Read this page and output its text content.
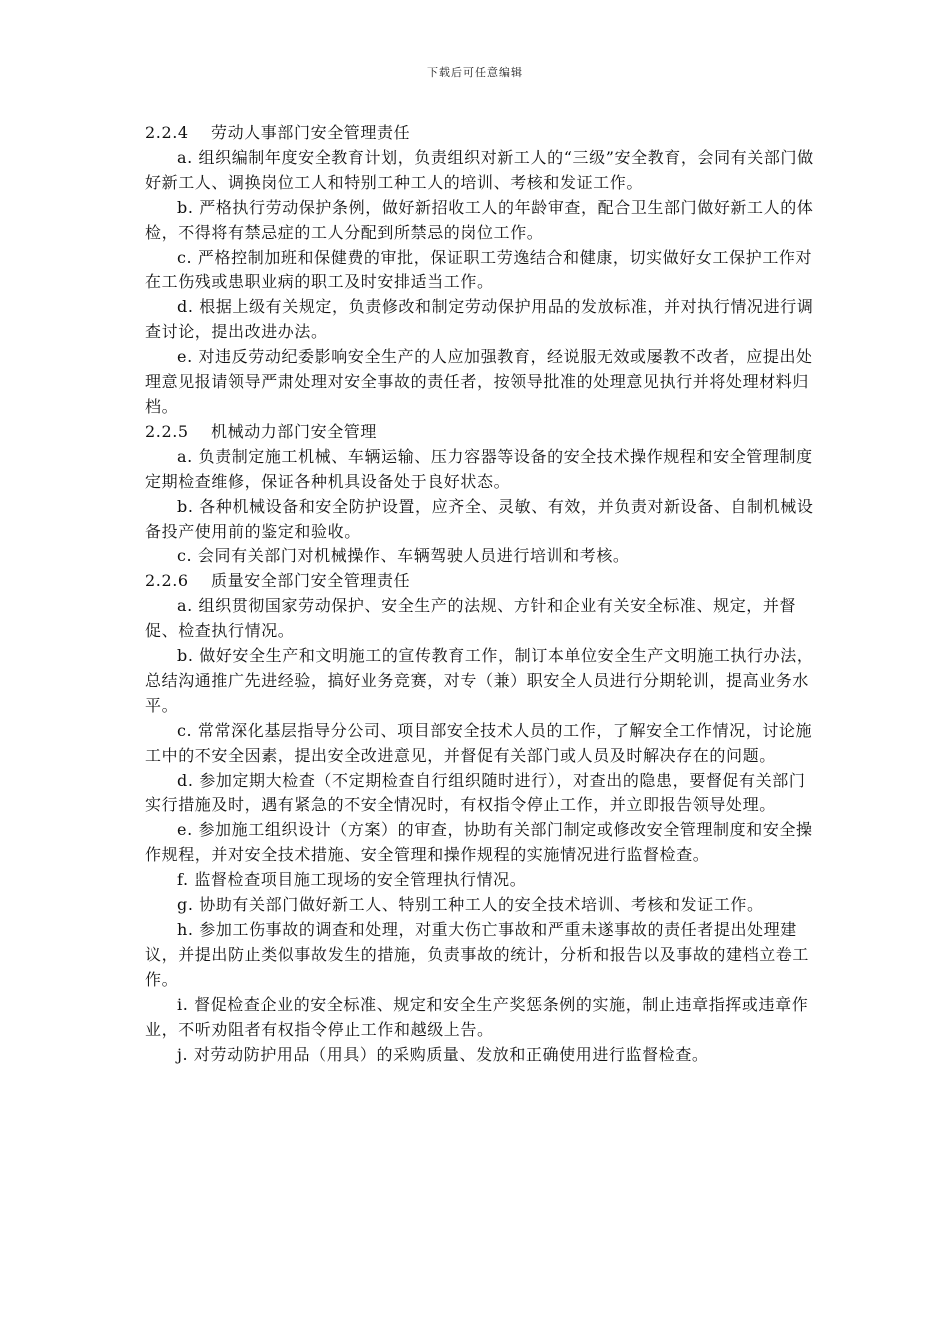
下载后可任意编辑

2.2.4 劳动人事部门安全管理责任

a. 组织编制年度安全教育计划，负责组织对新工人的“三级”安全教育，会同有关部门做好新工人、调换岗位工人和特别工种工人的培训、考核和发证工作。

b. 严格执行劳动保护条例，做好新招收工人的年龄审查，配合卫生部门做好新工人的体检，不得将有禁忌症的工人分配到所禁忌的岗位工作。

c. 严格控制加班和保健费的审批，保证职工劳逸结合和健康，切实做好女工保护工作对在工伤残或患职业病的职工及时安排适当工作。

d. 根据上级有关规定，负责修改和制定劳动保护用品的发放标准，并对执行情况进行调查讨论，提出改进办法。

e. 对违反劳动纪委影响安全生产的人应加强教育，经说服无效或屡教不改者，应提出处理意见报请领导严肃处理对安全事故的责任者，按领导批准的处理意见执行并将处理材料归档。

2.2.5 机械动力部门安全管理

a. 负责制定施工机械、车辆运输、压力容器等设备的安全技术操作规程和安全管理制度定期检查维修，保证各种机具设备处于良好状态。

b. 各种机械设备和安全防护设置，应齐全、灵敏、有效，并负责对新设备、自制机械设备投产使用前的鉴定和验收。

c. 会同有关部门对机械操作、车辆驾驶人员进行培训和考核。

2.2.6 质量安全部门安全管理责任

a. 组织贯彻国家劳动保护、安全生产的法规、方针和企业有关安全标准、规定，并督促、检查执行情况。

b. 做好安全生产和文明施工的宣传教育工作，制订本单位安全生产文明施工执行办法，总结沟通推广先进经验，搞好业务竞赛，对专（兼）职安全人员进行分期轮训，提高业务水平。

c. 常常深化基层指导分公司、项目部安全技术人员的工作，了解安全工作情况，讨论施工中的不安全因素，提出安全改进意见，并督促有关部门或人员及时解决存在的问题。

d. 参加定期大检查（不定期检查自行组织随时进行），对查出的隐患，要督促有关部门实行措施及时，遇有紧急的不安全情况时，有权指令停止工作，并立即报告领导处理。

e. 参加施工组织设计（方案）的审查，协助有关部门制定或修改安全管理制度和安全操作规程，并对安全技术措施、安全管理和操作规程的实施情况进行监督检查。

f. 监督检查项目施工现场的安全管理执行情况。

g. 协助有关部门做好新工人、特别工种工人的安全技术培训、考核和发证工作。

h. 参加工伤事故的调查和处理，对重大伤亡事故和严重未遂事故的责任者提出处理建议，并提出防止类似事故发生的措施，负责事故的统计，分析和报告以及事故的建档立卷工作。

i. 督促检查企业的安全标准、规定和安全生产奖惩条例的实施，制止违章指挥或违章作业，不听劝阻者有权指令停止工作和越级上告。

j. 对劳动防护用品（用具）的采购质量、发放和正确使用进行监督检查。
